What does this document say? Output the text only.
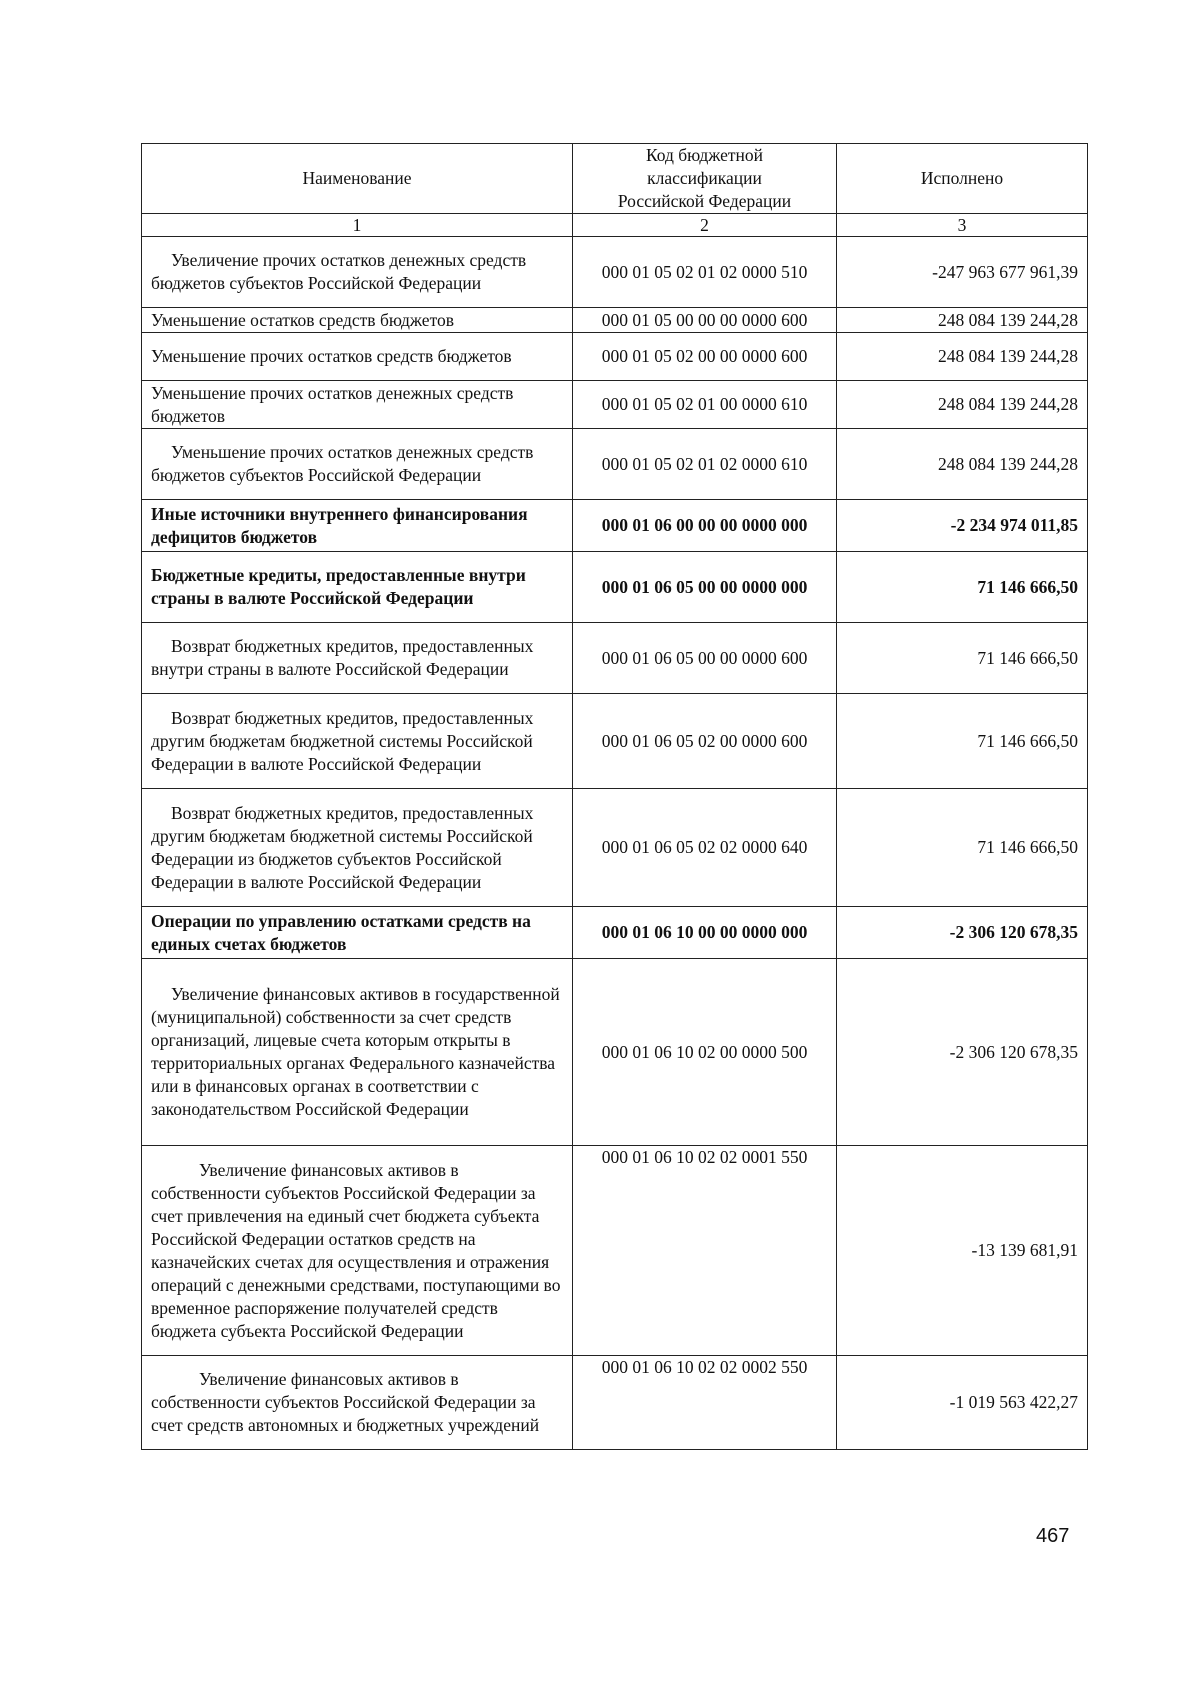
Наименование	Код бюджетной классификации Российской Федерации	Исполнено
1	2	3

Увеличение прочих остатков денежных средств бюджетов субъектов Российской Федерации	000 01 05 02 01 02 0000 510	-247 963 677 961,39
Уменьшение остатков средств бюджетов	000 01 05 00 00 00 0000 600	248 084 139 244,28
Уменьшение прочих остатков средств бюджетов	000 01 05 02 00 00 0000 600	248 084 139 244,28
Уменьшение прочих остатков денежных средств бюджетов	000 01 05 02 01 00 0000 610	248 084 139 244,28

Уменьшение прочих остатков денежных средств бюджетов субъектов Российской Федерации	000 01 05 02 01 02 0000 610	248 084 139 244,28
Иные источники внутреннего финансирования дефицитов бюджетов	000 01 06 00 00 00 0000 000	-2 234 974 011,85
Бюджетные кредиты, предоставленные внутри страны в валюте Российской Федерации	000 01 06 05 00 00 0000 000	71 146 666,50

Возврат бюджетных кредитов, предоставленных внутри страны в валюте Российской Федерации	000 01 06 05 00 00 0000 600	71 146 666,50

Возврат бюджетных кредитов, предоставленных другим бюджетам бюджетной системы Российской Федерации в валюте Российской Федерации	000 01 06 05 02 00 0000 600	71 146 666,50

Возврат бюджетных кредитов, предоставленных другим бюджетам бюджетной системы Российской Федерации из бюджетов субъектов Российской Федерации в валюте Российской Федерации	000 01 06 05 02 02 0000 640	71 146 666,50
Операции по управлению остатками средств на единых счетах бюджетов	000 01 06 10 00 00 0000 000	-2 306 120 678,35

Увеличение финансовых активов в государственной (муниципальной) собственности за счет средств организаций, лицевые счета которым открыты в территориальных органах Федерального казначейства или в финансовых органах в соответствии с законодательством Российской Федерации	000 01 06 10 02 00 0000 500	-2 306 120 678,35

Увеличение финансовых активов в собственности субъектов Российской Федерации за счет привлечения на единый счет бюджета субъекта Российской Федерации остатков средств на казначейских счетах для осуществления и отражения операций с денежными средствами, поступающими во временное распоряжение получателей средств бюджета субъекта Российской Федерации	000 01 06 10 02 02 0001 550	-13 139 681,91

Увеличение финансовых активов в собственности субъектов Российской Федерации за счет средств автономных и бюджетных учреждений	000 01 06 10 02 02 0002 550	-1 019 563 422,27
467
